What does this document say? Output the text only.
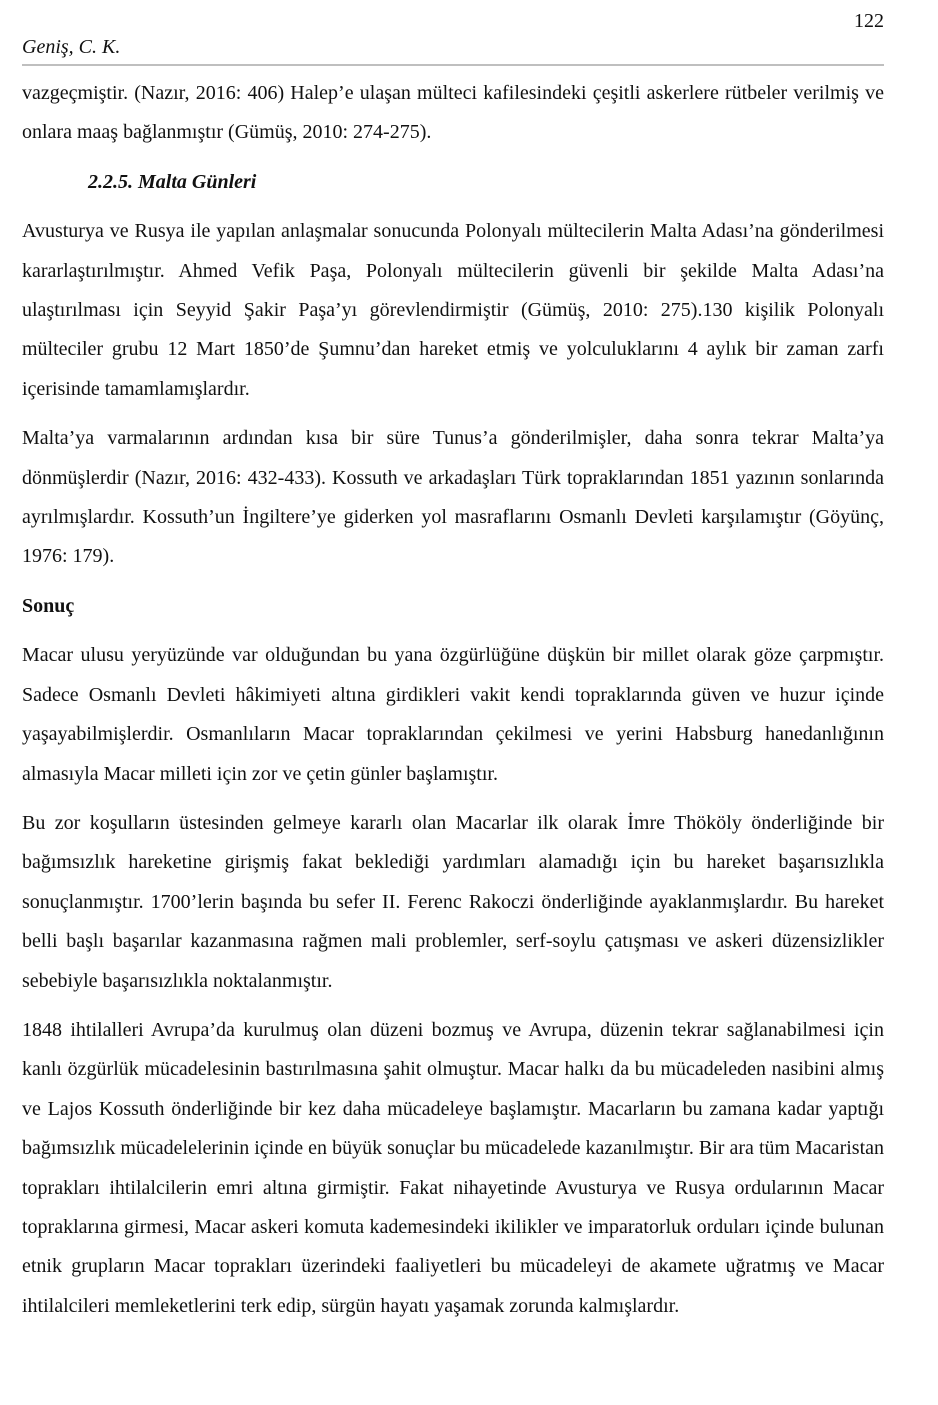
122
Geniş, C. K.

vazgeçmiştir. (Nazır, 2016: 406) Halep’e ulaşan mülteci kafilesindeki çeşitli askerlere rütbeler verilmiş ve onlara maaş bağlanmıştır (Gümüş, 2010: 274-275).

2.2.5. Malta Günleri

Avusturya ve Rusya ile yapılan anlaşmalar sonucunda Polonyalı mültecilerin Malta Adası’na gönderilmesi kararlaştırılmıştır. Ahmed Vefik Paşa, Polonyalı mültecilerin güvenli bir şekilde Malta Adası’na ulaştırılması için Seyyid Şakir Paşa’yı görevlendirmiştir (Gümüş, 2010: 275).130 kişilik Polonyalı mülteciler grubu 12 Mart 1850’de Şumnu’dan hareket etmiş ve yolculuklarını 4 aylık bir zaman zarfı içerisinde tamamlamışlardır.

Malta’ya varmalarının ardından kısa bir süre Tunus’a gönderilmişler, daha sonra tekrar Malta’ya dönmüşlerdir (Nazır, 2016: 432-433). Kossuth ve arkadaşları Türk topraklarından 1851 yazının sonlarında ayrılmışlardır. Kossuth’un İngiltere’ye giderken yol masraflarını Osmanlı Devleti karşılamıştır (Göyünç, 1976: 179).

Sonuç

Macar ulusu yeryüzünde var olduğundan bu yana özgürlüğüne düşkün bir millet olarak göze çarpmıştır. Sadece Osmanlı Devleti hâkimiyeti altına girdikleri vakit kendi topraklarında güven ve huzur içinde yaşayabilmişlerdir. Osmanlıların Macar topraklarından çekilmesi ve yerini Habsburg hanedanlığının almasıyla Macar milleti için zor ve çetin günler başlamıştır.

Bu zor koşulların üstesinden gelmeye kararlı olan Macarlar ilk olarak İmre Thököly önderliğinde bir bağımsızlık hareketine girişmiş fakat beklediği yardımları alamadığı için bu hareket başarısızlıkla sonuçlanmıştır. 1700’lerin başında bu sefer II. Ferenc Rakoczi önderliğinde ayaklanmışlardır. Bu hareket belli başlı başarılar kazanmasına rağmen mali problemler, serf-soylu çatışması ve askeri düzensizlikler sebebiyle başarısızlıkla noktalanmıştır.

1848 ihtilalleri Avrupa’da kurulmuş olan düzeni bozmuş ve Avrupa, düzenin tekrar sağlanabilmesi için kanlı özgürlük mücadelesinin bastırılmasına şahit olmuştur. Macar halkı da bu mücadeleden nasibini almış ve Lajos Kossuth önderliğinde bir kez daha mücadeleye başlamıştır. Macarların bu zamana kadar yaptığı bağımsızlık mücadelelerinin içinde en büyük sonuçlar bu mücadelede kazanılmıştır. Bir ara tüm Macaristan toprakları ihtilalcilerin emri altına girmiştir. Fakat nihayetinde Avusturya ve Rusya ordularının Macar topraklarına girmesi, Macar askeri komuta kademesindeki ikilikler ve imparatorluk orduları içinde bulunan etnik grupların Macar toprakları üzerindeki faaliyetleri bu mücadeleyi de akamete uğratmış ve Macar ihtilalcileri memleketlerini terk edip, sürgün hayatı yaşamak zorunda kalmışlardır.
